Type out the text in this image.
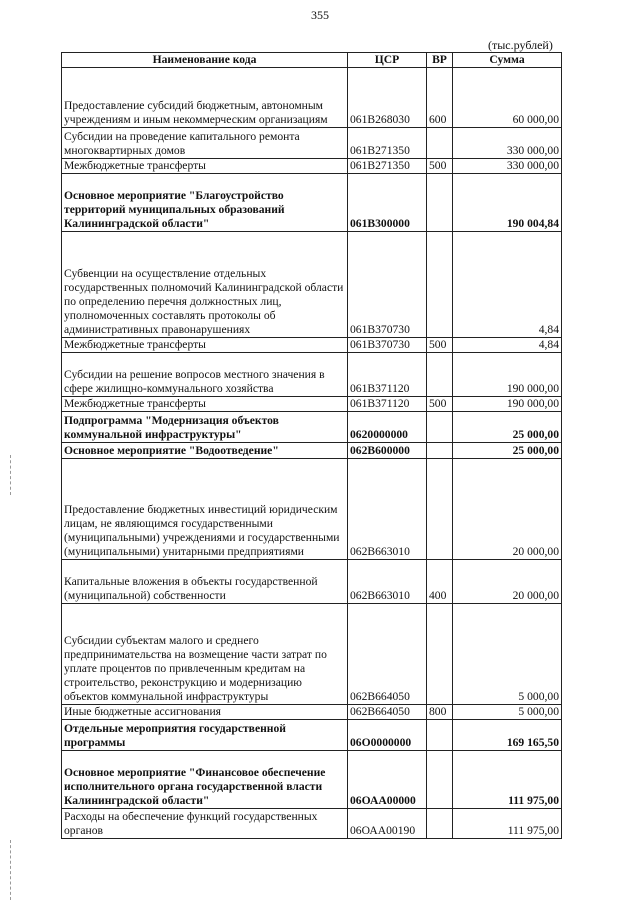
355
(тыс.рублей)
Наименование кода	ЦСР	ВР	Сумма
Предоставление субсидий бюджетным, автономным учреждениям и иным некоммерческим организациям	061B268030	600	60 000,00
Субсидии на проведение капитального ремонта многоквартирных домов	061B271350		330 000,00
Межбюджетные трансферты	061B271350	500	330 000,00
Основное мероприятие "Благоустройство территорий муниципальных образований Калининградской области"	061B300000		190 004,84
Субвенции на осуществление отдельных государственных полномочий Калининградской области по определению перечня должностных лиц, уполномоченных составлять протоколы об административных правонарушениях	061B370730		4,84
Межбюджетные трансферты	061B370730	500	4,84
Субсидии на решение вопросов местного значения в сфере жилищно-коммунального хозяйства	061B371120		190 000,00
Межбюджетные трансферты	061B371120	500	190 000,00
Подпрограмма "Модернизация объектов коммунальной инфраструктуры"	0620000000		25 000,00
Основное мероприятие "Водоотведение"	062B600000		25 000,00
Предоставление бюджетных инвестиций юридическим лицам, не являющимся государственными (муниципальными) учреждениями и государственными (муниципальными) унитарными предприятиями	062B663010		20 000,00
Капитальные вложения в объекты государственной (муниципальной) собственности	062B663010	400	20 000,00
Субсидии субъектам малого и среднего предпринимательства на возмещение части затрат по уплате процентов по привлеченным кредитам на строительство, реконструкцию и модернизацию объектов коммунальной инфраструктуры	062B664050		5 000,00
Иные бюджетные ассигнования	062B664050	800	5 000,00
Отдельные мероприятия государственной программы	06О0000000		169 165,50
Основное мероприятие "Финансовое обеспечение исполнительного органа государственной власти Калининградской области"	06ОАА00000		111 975,00
Расходы на обеспечение функций государственных органов	06ОАА00190		111 975,00
